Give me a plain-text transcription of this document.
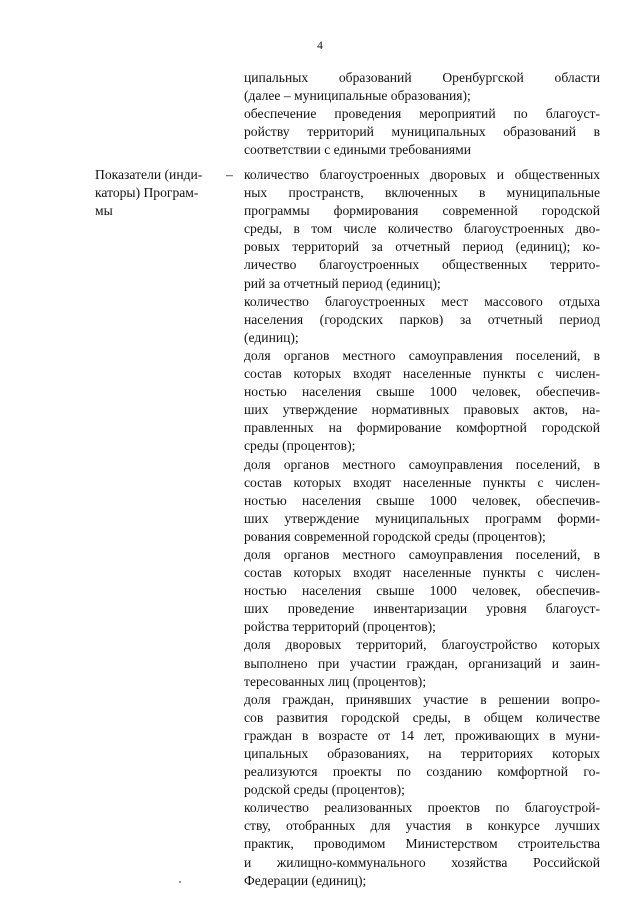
4
ципальных образований Оренбургской области
(далее – муниципальные образования);
обеспечение проведения мероприятий по благоуст-
ройству территорий муниципальных образований в
соответствии с едиными требованиями
Показатели (инди-
каторы) Програм-
мы
– количество благоустроенных дворовых и общественных
ных пространств, включенных в муниципальные
программы формирования современной городской
среды, в том числе количество благоустроенных дво-
ровых территорий за отчетный период (единиц); ко-
личество благоустроенных общественных террито-
рий за отчетный период (единиц);
количество благоустроенных мест массового отдыха
населения (городских парков) за отчетный период
(единиц);
доля органов местного самоуправления поселений, в
состав которых входят населенные пункты с числен-
ностью населения свыше 1000 человек, обеспечив-
ших утверждение нормативных правовых актов, на-
правленных на формирование комфортной городской
среды (процентов);
доля органов местного самоуправления поселений, в
состав которых входят населенные пункты с числен-
ностью населения свыше 1000 человек, обеспечив-
ших утверждение муниципальных программ форми-
рования современной городской среды (процентов);
доля органов местного самоуправления поселений, в
состав которых входят населенные пункты с числен-
ностью населения свыше 1000 человек, обеспечив-
ших проведение инвентаризации уровня благоуст-
ройства территорий (процентов);
доля дворовых территорий, благоустройство которых
выполнено при участии граждан, организаций и заин-
тересованных лиц (процентов);
доля граждан, принявших участие в решении вопро-
сов развития городской среды, в общем количестве
граждан в возрасте от 14 лет, проживающих в муни-
ципальных образованиях, на территориях которых
реализуются проекты по созданию комфортной го-
родской среды (процентов);
количество реализованных проектов по благоустрой-
ству, отобранных для участия в конкурсе лучших
практик, проводимом Министерством строительства
и жилищно-коммунального хозяйства Российской
Федерации (единиц);
